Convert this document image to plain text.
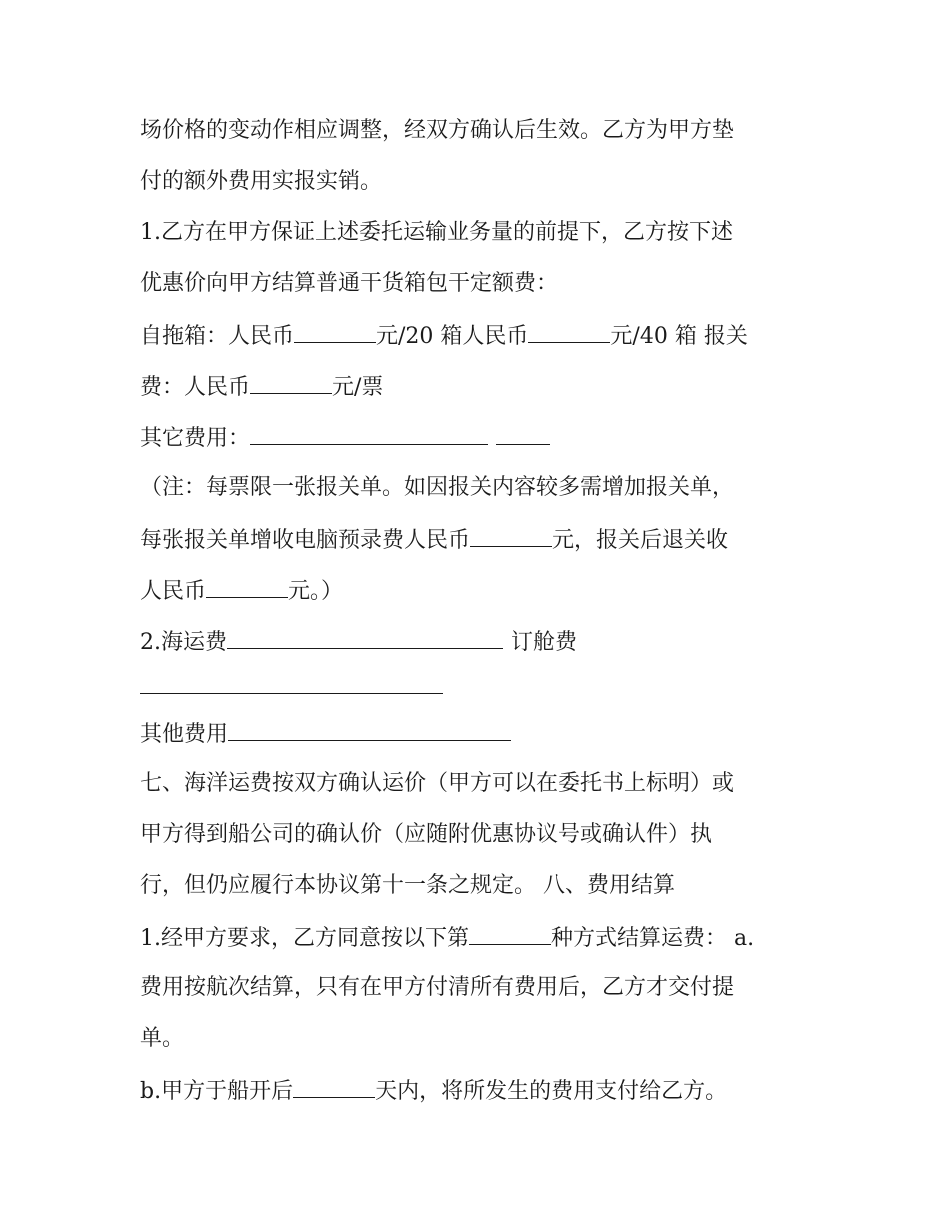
场价格的变动作相应调整，经双方确认后生效。乙方为甲方垫
付的额外费用实报实销。
1.乙方在甲方保证上述委托运输业务量的前提下，乙方按下述
优惠价向甲方结算普通干货箱包干定额费：
自拖箱：人民币	元/20 箱人民币	元/40 箱 报关
费：人民币	元/票
其它费用：
（注：每票限一张报关单。如因报关内容较多需增加报关单，
每张报关单增收电脑预录费人民币	元，报关后退关收
人民币	元。）
2.海运费	订舱费
其他费用
七、海洋运费按双方确认运价（甲方可以在委托书上标明）或
甲方得到船公司的确认价（应随附优惠协议号或确认件）执
行，但仍应履行本协议第十一条之规定。 八、费用结算
1.经甲方要求，乙方同意按以下第	种方式结算运费： a.
费用按航次结算，只有在甲方付清所有费用后，乙方才交付提
单。
b.甲方于船开后	天内，将所发生的费用支付给乙方。
